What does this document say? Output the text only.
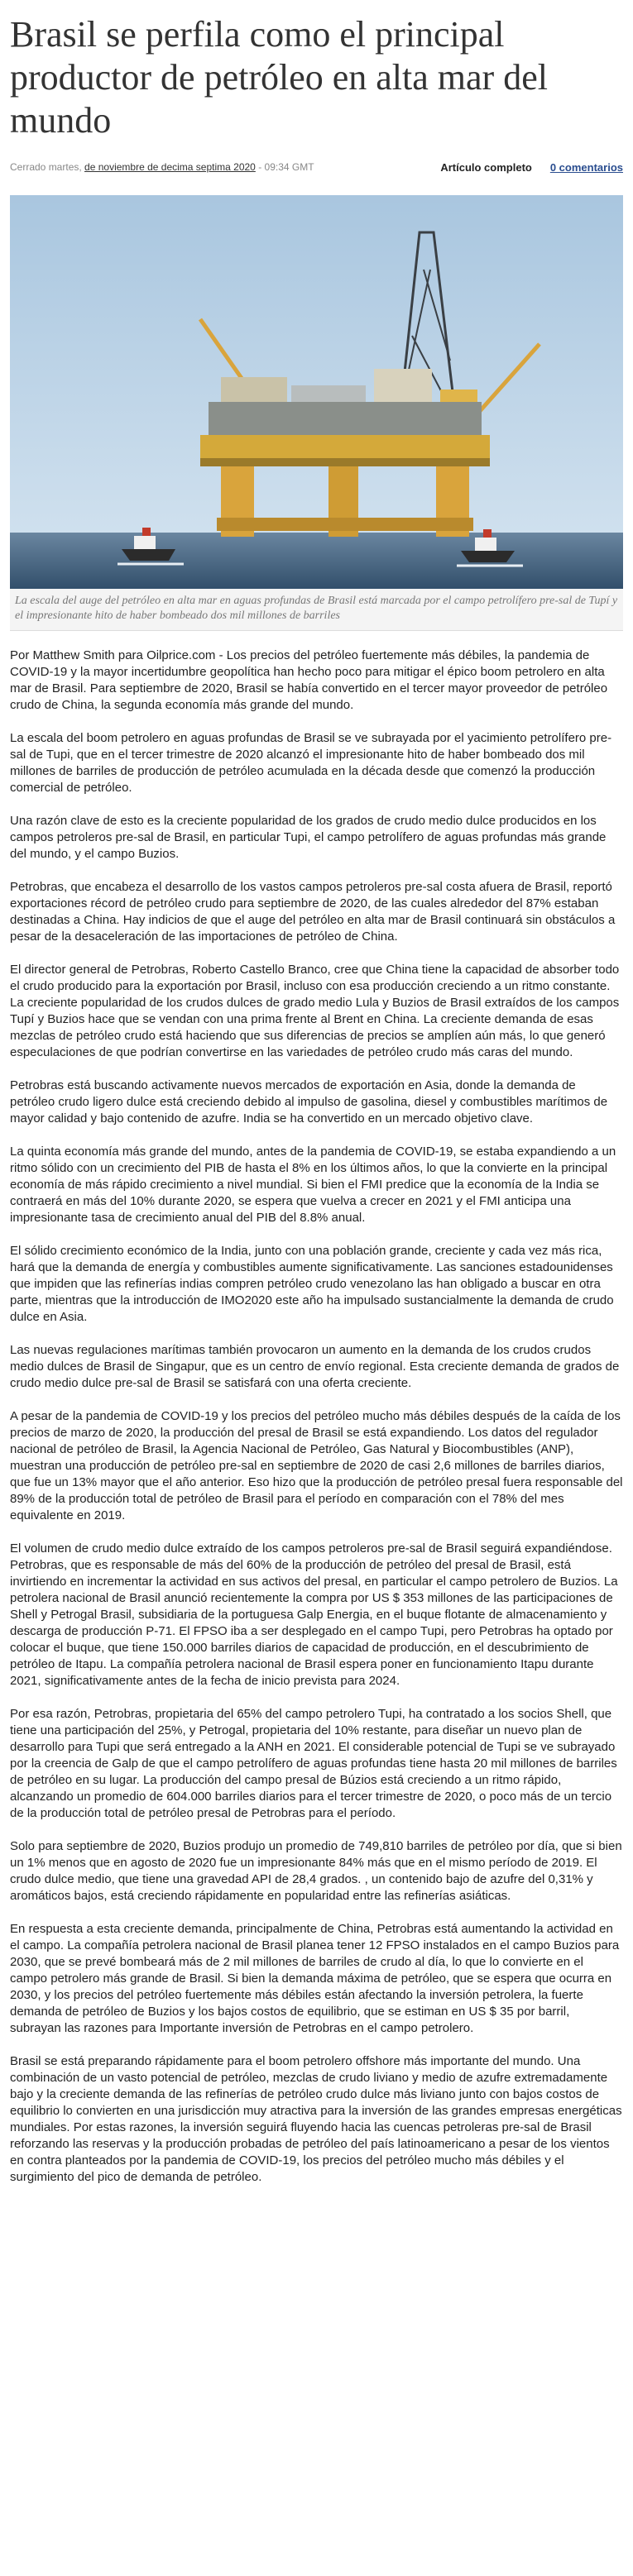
Brasil se perfila como el principal productor de petróleo en alta mar del mundo
Cerrado martes, de noviembre de decima septima 2020 - 09:34 GMT	Artículo completo 0 comentarios
La escala del auge del petróleo en alta mar en aguas profundas de Brasil está marcada por el campo petrolífero pre-sal de Tupí y el impresionante hito de haber bombeado dos mil millones de barriles

Por Matthew Smith para Oilprice.com - Los precios del petróleo fuertemente más débiles, la pandemia de COVID-19 y la mayor incertidumbre geopolítica han hecho poco para mitigar el épico boom petrolero en alta mar de Brasil. Para septiembre de 2020, Brasil se había convertido en el tercer mayor proveedor de petróleo crudo de China, la segunda economía más grande del mundo.

La escala del boom petrolero en aguas profundas de Brasil se ve subrayada por el yacimiento petrolífero pre-sal de Tupi, que en el tercer trimestre de 2020 alcanzó el impresionante hito de haber bombeado dos mil millones de barriles de producción de petróleo acumulada en la década desde que comenzó la producción comercial de petróleo.

Una razón clave de esto es la creciente popularidad de los grados de crudo medio dulce producidos en los campos petroleros pre-sal de Brasil, en particular Tupi, el campo petrolífero de aguas profundas más grande del mundo, y el campo Buzios.

Petrobras, que encabeza el desarrollo de los vastos campos petroleros pre-sal costa afuera de Brasil, reportó exportaciones récord de petróleo crudo para septiembre de 2020, de las cuales alrededor del 87% estaban destinadas a China. Hay indicios de que el auge del petróleo en alta mar de Brasil continuará sin obstáculos a pesar de la desaceleración de las importaciones de petróleo de China.

El director general de Petrobras, Roberto Castello Branco, cree que China tiene la capacidad de absorber todo el crudo producido para la exportación por Brasil, incluso con esa producción creciendo a un ritmo constante. La creciente popularidad de los crudos dulces de grado medio Lula y Buzios de Brasil extraídos de los campos Tupí y Buzios hace que se vendan con una prima frente al Brent en China. La creciente demanda de esas mezclas de petróleo crudo está haciendo que sus diferencias de precios se amplíen aún más, lo que generó especulaciones de que podrían convertirse en las variedades de petróleo crudo más caras del mundo.

Petrobras está buscando activamente nuevos mercados de exportación en Asia, donde la demanda de petróleo crudo ligero dulce está creciendo debido al impulso de gasolina, diesel y combustibles marítimos de mayor calidad y bajo contenido de azufre. India se ha convertido en un mercado objetivo clave.

La quinta economía más grande del mundo, antes de la pandemia de COVID-19, se estaba expandiendo a un ritmo sólido con un crecimiento del PIB de hasta el 8% en los últimos años, lo que la convierte en la principal economía de más rápido crecimiento a nivel mundial. Si bien el FMI predice que la economía de la India se contraerá en más del 10% durante 2020, se espera que vuelva a crecer en 2021 y el FMI anticipa una impresionante tasa de crecimiento anual del PIB del 8.8% anual.

El sólido crecimiento económico de la India, junto con una población grande, creciente y cada vez más rica, hará que la demanda de energía y combustibles aumente significativamente. Las sanciones estadounidenses que impiden que las refinerías indias compren petróleo crudo venezolano las han obligado a buscar en otra parte, mientras que la introducción de IMO2020 este año ha impulsado sustancialmente la demanda de crudo dulce en Asia.

Las nuevas regulaciones marítimas también provocaron un aumento en la demanda de los crudos crudos medio dulces de Brasil de Singapur, que es un centro de envío regional. Esta creciente demanda de grados de crudo medio dulce pre-sal de Brasil se satisfará con una oferta creciente.

A pesar de la pandemia de COVID-19 y los precios del petróleo mucho más débiles después de la caída de los precios de marzo de 2020, la producción del presal de Brasil se está expandiendo. Los datos del regulador nacional de petróleo de Brasil, la Agencia Nacional de Petróleo, Gas Natural y Biocombustibles (ANP), muestran una producción de petróleo pre-sal en septiembre de 2020 de casi 2,6 millones de barriles diarios, que fue un 13% mayor que el año anterior. Eso hizo que la producción de petróleo presal fuera responsable del 89% de la producción total de petróleo de Brasil para el período en comparación con el 78% del mes equivalente en 2019.

El volumen de crudo medio dulce extraído de los campos petroleros pre-sal de Brasil seguirá expandiéndose. Petrobras, que es responsable de más del 60% de la producción de petróleo del presal de Brasil, está invirtiendo en incrementar la actividad en sus activos del presal, en particular el campo petrolero de Buzios. La petrolera nacional de Brasil anunció recientemente la compra por US $ 353 millones de las participaciones de Shell y Petrogal Brasil, subsidiaria de la portuguesa Galp Energia, en el buque flotante de almacenamiento y descarga de producción P-71. El FPSO iba a ser desplegado en el campo Tupi, pero Petrobras ha optado por colocar el buque, que tiene 150.000 barriles diarios de capacidad de producción, en el descubrimiento de petróleo de Itapu. La compañía petrolera nacional de Brasil espera poner en funcionamiento Itapu durante 2021, significativamente antes de la fecha de inicio prevista para 2024.

Por esa razón, Petrobras, propietaria del 65% del campo petrolero Tupi, ha contratado a los socios Shell, que tiene una participación del 25%, y Petrogal, propietaria del 10% restante, para diseñar un nuevo plan de desarrollo para Tupi que será entregado a la ANH en 2021. El considerable potencial de Tupi se ve subrayado por la creencia de Galp de que el campo petrolífero de aguas profundas tiene hasta 20 mil millones de barriles de petróleo en su lugar. La producción del campo presal de Búzios está creciendo a un ritmo rápido, alcanzando un promedio de 604.000 barriles diarios para el tercer trimestre de 2020, o poco más de un tercio de la producción total de petróleo presal de Petrobras para el período.

Solo para septiembre de 2020, Buzios produjo un promedio de 749,810 barriles de petróleo por día, que si bien un 1% menos que en agosto de 2020 fue un impresionante 84% más que en el mismo período de 2019. El crudo dulce medio, que tiene una gravedad API de 28,4 grados. , un contenido bajo de azufre del 0,31% y aromáticos bajos, está creciendo rápidamente en popularidad entre las refinerías asiáticas.

En respuesta a esta creciente demanda, principalmente de China, Petrobras está aumentando la actividad en el campo. La compañía petrolera nacional de Brasil planea tener 12 FPSO instalados en el campo Buzios para 2030, que se prevé bombeará más de 2 mil millones de barriles de crudo al día, lo que lo convierte en el campo petrolero más grande de Brasil. Si bien la demanda máxima de petróleo, que se espera que ocurra en 2030, y los precios del petróleo fuertemente más débiles están afectando la inversión petrolera, la fuerte demanda de petróleo de Buzios y los bajos costos de equilibrio, que se estiman en US $ 35 por barril, subrayan las razones para Importante inversión de Petrobras en el campo petrolero.

Brasil se está preparando rápidamente para el boom petrolero offshore más importante del mundo. Una combinación de un vasto potencial de petróleo, mezclas de crudo liviano y medio de azufre extremadamente bajo y la creciente demanda de las refinerías de petróleo crudo dulce más liviano junto con bajos costos de equilibrio lo convierten en una jurisdicción muy atractiva para la inversión de las grandes empresas energéticas mundiales. Por estas razones, la inversión seguirá fluyendo hacia las cuencas petroleras pre-sal de Brasil reforzando las reservas y la producción probadas de petróleo del país latinoamericano a pesar de los vientos en contra planteados por la pandemia de COVID-19, los precios del petróleo mucho más débiles y el surgimiento del pico de demanda de petróleo.
